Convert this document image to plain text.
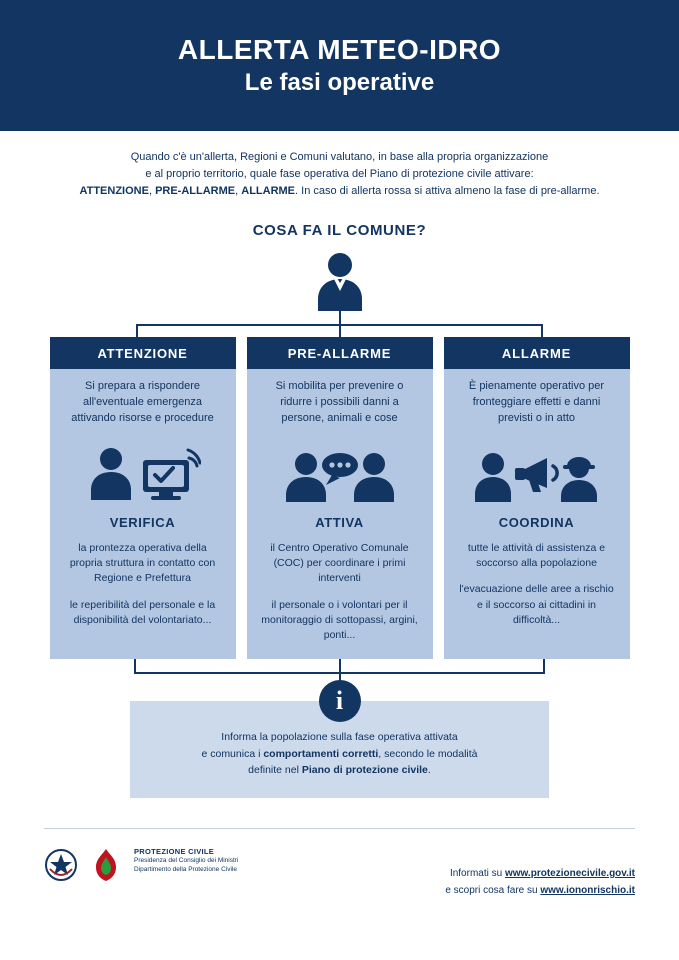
ALLERTA METEO-IDRO
Le fasi operative
Quando c'è un'allerta, Regioni e Comuni valutano, in base alla propria organizzazione
e al proprio territorio, quale fase operativa del Piano di protezione civile attivare:
ATTENZIONE, PRE-ALLARME, ALLARME. In caso di allerta rossa si attiva almeno la fase di pre-allarme.
COSA FA IL COMUNE?
ATTENZIONE
Si prepara a rispondere all'eventuale emergenza attivando risorse e procedure
VERIFICA
la prontezza operativa della propria struttura in contatto con Regione e Prefettura
le reperibilità del personale e la disponibilità del volontariato...
PRE-ALLARME
Si mobilita per prevenire o ridurre i possibili danni a persone, animali e cose
ATTIVA
il Centro Operativo Comunale (COC) per coordinare i primi interventi
il personale o i volontari per il monitoraggio di sottopassi, argini, ponti...
ALLARME
È pienamente operativo per fronteggiare effetti e danni previsti o in atto
COORDINA
tutte le attività di assistenza e soccorso alla popolazione
l'evacuazione delle aree a rischio e il soccorso ai cittadini in difficoltà...
i
Informa la popolazione sulla fase operativa attivata
e comunica i comportamenti corretti, secondo le modalità
definite nel Piano di protezione civile.
PROTEZIONE CIVILE
Presidenza del Consiglio dei Ministri
Dipartimento della Protezione Civile	Informati su www.protezionecivile.gov.it
e scopri cosa fare su www.iononrischio.it
